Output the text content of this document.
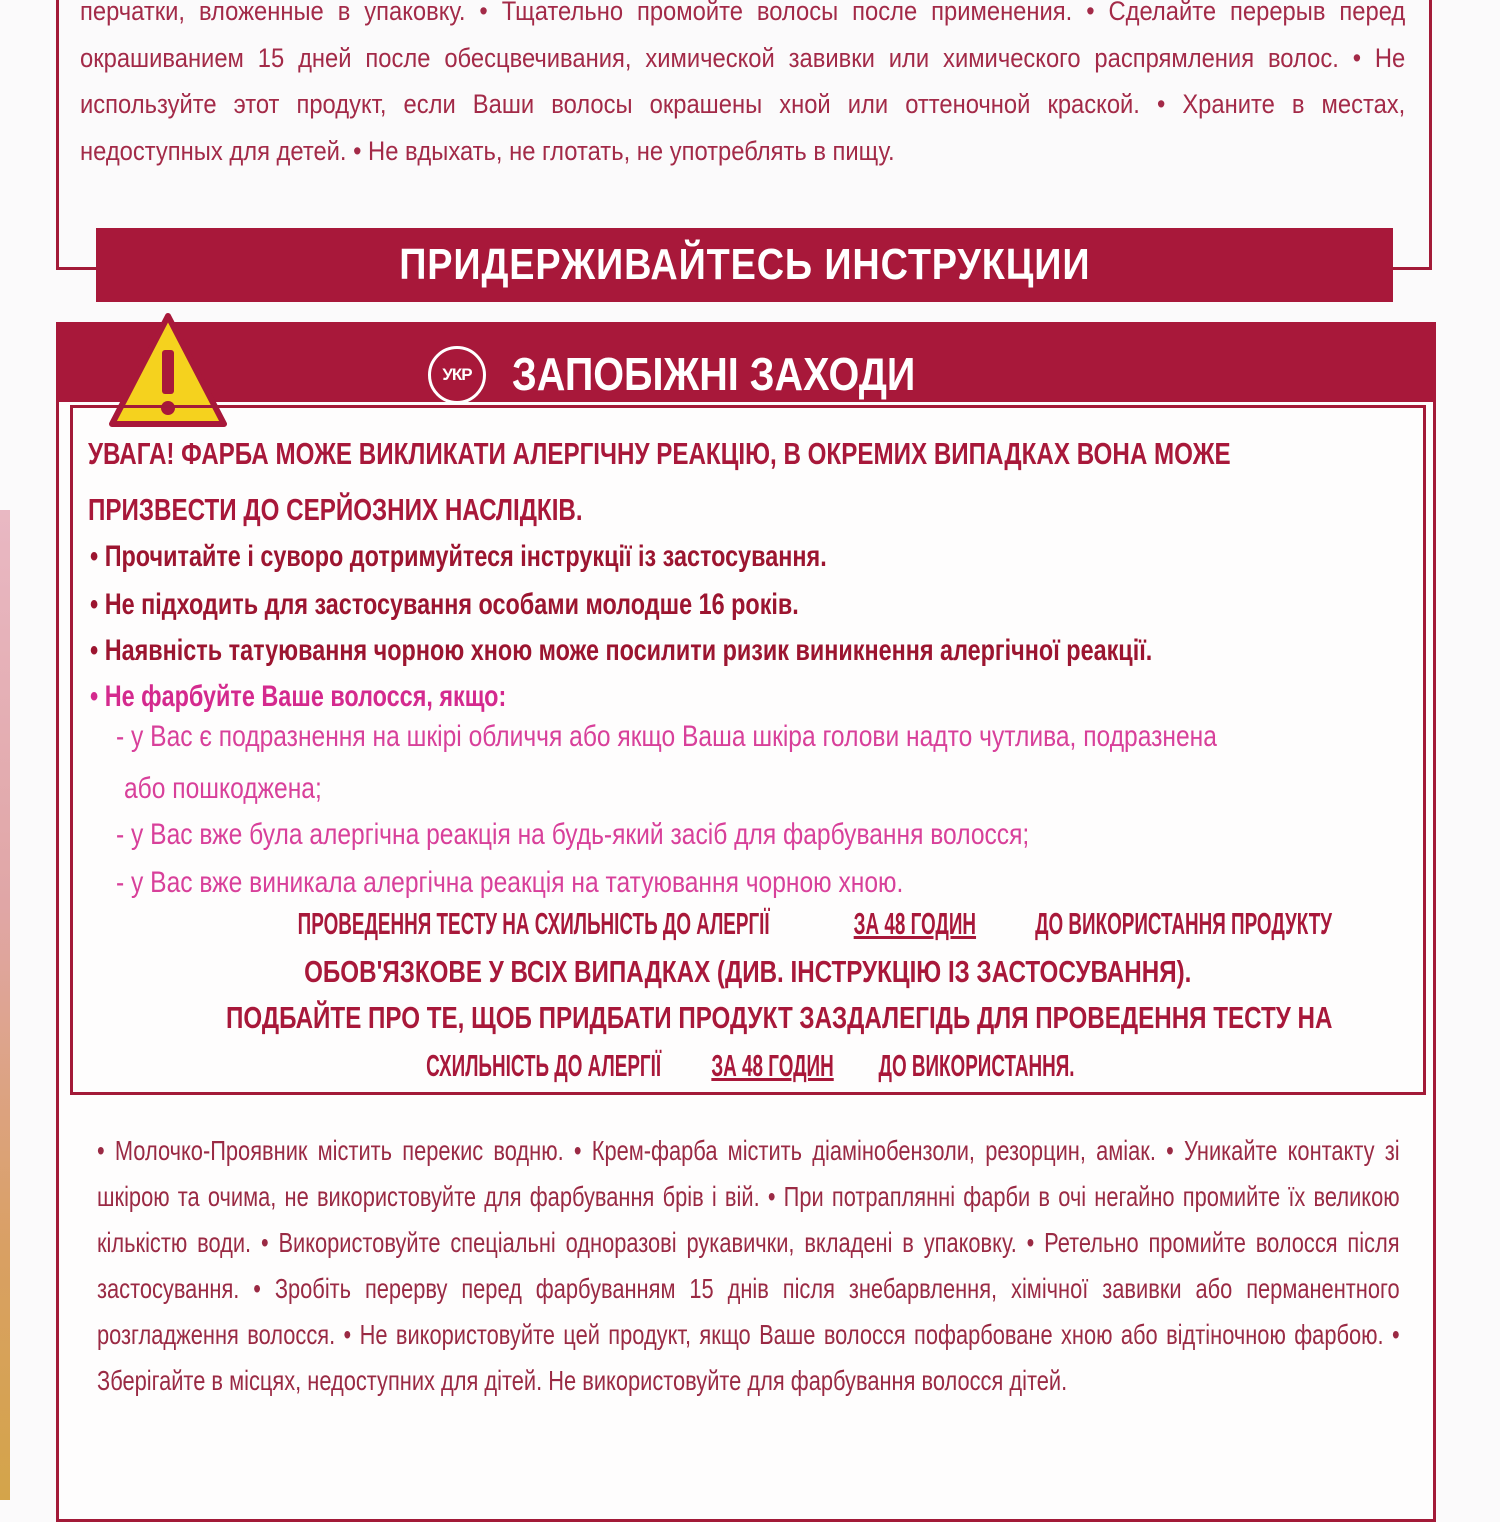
перчатки, вложенные в упаковку. • Тщательно промойте волосы после применения. • Сделайте перерыв перед окрашиванием 15 дней после обесцвечивания, химической завивки или химического распрямления волос. • Не используйте этот продукт, если Ваши волосы окрашены хной или оттеночной краской. • Храните в местах, недоступных для детей. • Не вдыхать, не глотать, не употреблять в пищу.
ПРИДЕРЖИВАЙТЕСЬ ИНСТРУКЦИИ
УКР ЗАПОБІЖНІ ЗАХОДИ
УВАГА! ФАРБА МОЖЕ ВИКЛИКАТИ АЛЕРГІЧНУ РЕАКЦІЮ, В ОКРЕМИХ ВИПАДКАХ ВОНА МОЖЕ
ПРИЗВЕСТИ ДО СЕРЙОЗНИХ НАСЛІДКІВ.
• Прочитайте і суворо дотримуйтеся інструкції із застосування.
• Не підходить для застосування особами молодше 16 років.
• Наявність татуювання чорною хною може посилити ризик виникнення алергічної реакції.
• Не фарбуйте Ваше волосся, якщо:
- у Вас є подразнення на шкірі обличчя або якщо Ваша шкіра голови надто чутлива, подразнена
або пошкоджена;
- у Вас вже була алергічна реакція на будь-який засіб для фарбування волосся;
- у Вас вже виникала алергічна реакція на татуювання чорною хною.
ПРОВЕДЕННЯ ТЕСТУ НА СХИЛЬНІСТЬ ДО АЛЕРГІЇ	ЗА 48 ГОДИНДО ВИКОРИСТАННЯ ПРОДУКТУ
ОБОВ'ЯЗКОВЕ У ВСІХ ВИПАДКАХ (ДИВ. ІНСТРУКЦІЮ ІЗ ЗАСТОСУВАННЯ).
ПОДБАЙТЕ ПРО ТЕ, ЩОБ ПРИДБАТИ ПРОДУКТ ЗАЗДАЛЕГІДЬ ДЛЯ ПРОВЕДЕННЯ ТЕСТУ НА
СХИЛЬНІСТЬ ДО АЛЕРГІЇЗА 48 ГОДИНДО ВИКОРИСТАННЯ.
• Молочко-Проявник містить перекис водню. • Крем-фарба містить діамінобензоли, резорцин, аміак. • Уникайте контакту зі шкірою та очима, не використовуйте для фарбування брів і вій. • При потраплянні фарби в очі негайно промийте їх великою кількістю води. • Використовуйте спеціальні одноразові рукавички, вкладені в упаковку. • Ретельно промийте волосся після застосування. • Зробіть перерву перед фарбуванням 15 днів після знебарвлення, хімічної завивки або перманентного розгладження волосся. • Не використовуйте цей продукт, якщо Ваше волосся пофарбоване хною або відтіночною фарбою. • Зберігайте в місцях, недоступних для дітей. Не використовуйте для фарбування волосся дітей.
